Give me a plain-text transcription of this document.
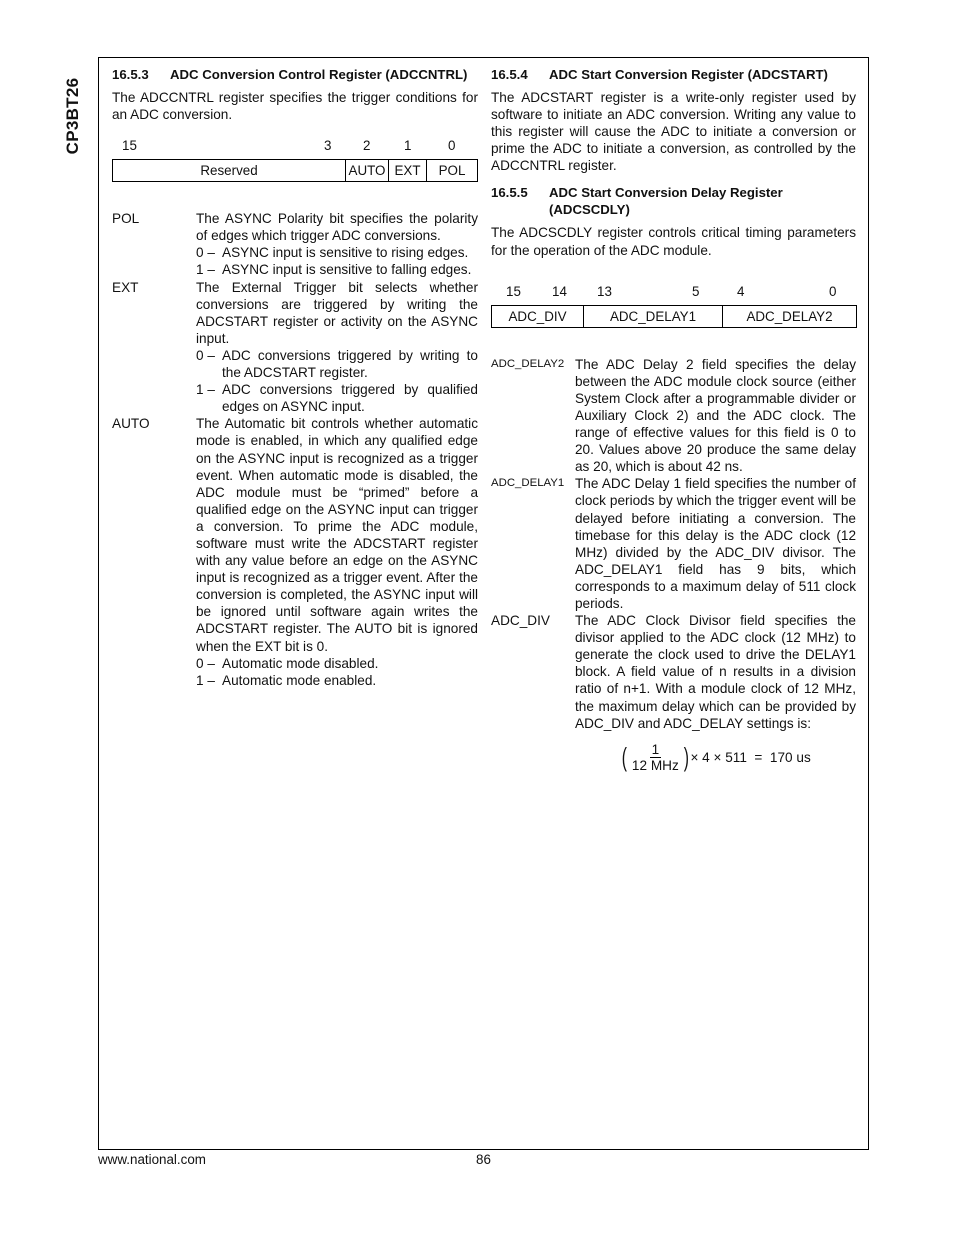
CP3BT26
16.5.3	ADC Conversion Control Register (ADCCNTRL)

The ADCCNTRL register specifies the trigger conditions for an ADC conversion.

15	3 2	1	0
Reserved	AUTO EXT	POL
POL	The ASYNC Polarity bit specifies the polarity of edges which trigger ADC conversions.
0 – ASYNC input is sensitive to rising edges.
1 – ASYNC input is sensitive to falling edges.
EXT	The External Trigger bit selects whether conversions are triggered by writing the ADCSTART register or activity on the ASYNC input.
0 – ADC conversions triggered by writing to the ADCSTART register.
1 – ADC conversions triggered by qualified edges on ASYNC input.
AUTO	The Automatic bit controls whether automatic mode is enabled, in which any qualified edge on the ASYNC input is recognized as a trigger event. When automatic mode is disabled, the ADC module must be “primed” before a qualified edge on the ASYNC input can trigger a conversion. To prime the ADC module, software must write the ADCSTART register with any value before an edge on the ASYNC input is recognized as a trigger event. After the conversion is completed, the ASYNC input will be ignored until software again writes the ADCSTART register. The AUTO bit is ignored when the EXT bit is 0.
0 – Automatic mode disabled.
1 – Automatic mode enabled.
16.5.4	ADC Start Conversion Register (ADCSTART)

The ADCSTART register is a write-only register used by software to initiate an ADC conversion. Writing any value to this register will cause the ADC to initiate a conversion or prime the ADC to initiate a conversion, as controlled by the ADCCNTRL register.

16.5.5	ADC Start Conversion Delay Register (ADCSCDLY)

The ADCSCDLY register controls critical timing parameters for the operation of the ADC module.

15 14 13	5	4	0
ADC_DIV	ADC_DELAY1	ADC_DELAY2
ADC_DELAY2 The ADC Delay 2 field specifies the delay between the ADC module clock source (either System Clock after a programmable divider or Auxiliary Clock 2) and the ADC clock. The range of effective values for this field is 0 to 20. Values above 20 produce the same delay as 20, which is about 42 ns.
ADC_DELAY1 The ADC Delay 1 field specifies the number of clock periods by which the trigger event will be delayed before initiating a conversion. The timebase for this delay is the ADC clock (12 MHz) divided by the ADC_DIV divisor. The ADC_DELAY1 field has 9 bits, which corresponds to a maximum delay of 511 clock periods.
ADC_DIV	The ADC Clock Divisor field specifies the divisor applied to the ADC clock (12 MHz) to generate the clock used to drive the DELAY1 block. A field value of n results in a division ratio of n+1. With a module clock of 12 MHz, the maximum delay which can be provided by ADC_DIV and ADC_DELAY settings is:
( $\frac{1}{\text{12 MHz}}$ ) × 4 × 511  =  170 us
www.national.com	86
